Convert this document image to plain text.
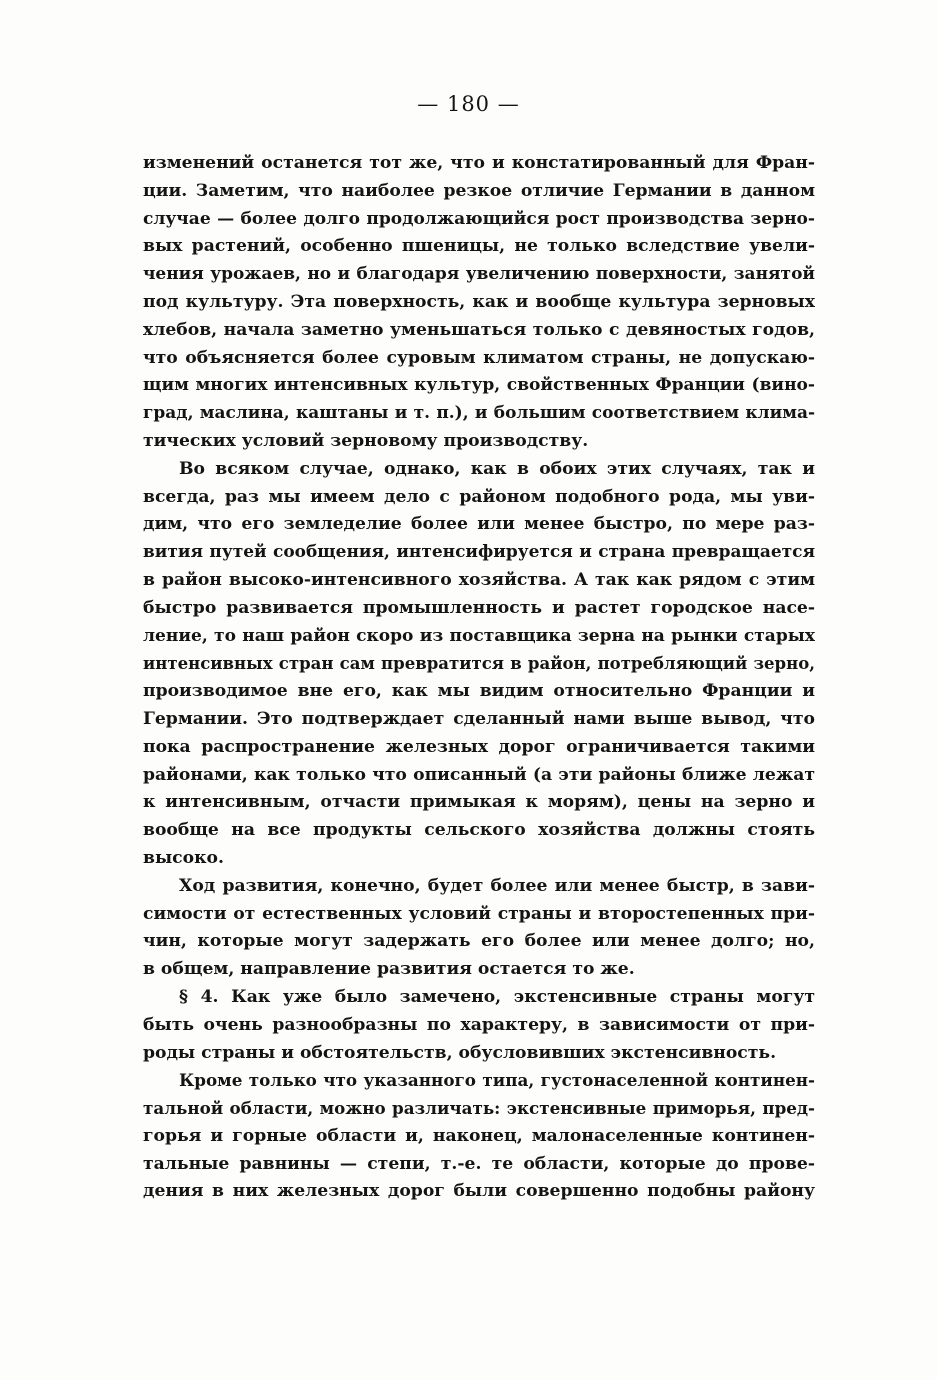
— 180 —
изменений останется тот же, что и констатированный для Фран-
ции. Заметим, что наиболее резкое отличие Германии в данном
случае — более долго продолжающийся рост производства зерно-
вых растений, особенно пшеницы, не только вследствие увели-
чения урожаев, но и благодаря увеличению поверхности, занятой
под культуру. Эта поверхность, как и вообще культура зерновых
хлебов, начала заметно уменьшаться только с девяностых годов,
что объясняется более суровым климатом страны, не допускаю-
щим многих интенсивных культур, свойственных Франции (вино-
град, маслина, каштаны и т. п.), и большим соответствием клима-
тических условий зерновому производству.
Во всяком случае, однако, как в обоих этих случаях, так и
всегда, раз мы имеем дело с районом подобного рода, мы уви-
дим, что его земледелие более или менее быстро, по мере раз-
вития путей сообщения, интенсифируется и страна превращается
в район высоко-интенсивного хозяйства. А так как рядом с этим
быстро развивается промышленность и растет городское насе-
ление, то наш район скоро из поставщика зерна на рынки старых
интенсивных стран сам превратится в район, потребляющий зерно,
производимое вне его, как мы видим относительно Франции и
Германии. Это подтверждает сделанный нами выше вывод, что
пока распространение железных дорог ограничивается такими
районами, как только что описанный (а эти районы ближе лежат
к интенсивным, отчасти примыкая к морям), цены на зерно и
вообще на все продукты сельского хозяйства должны стоять
высоко.
Ход развития, конечно, будет более или менее быстр, в зави-
симости от естественных условий страны и второстепенных при-
чин, которые могут задержать его более или менее долго; но,
в общем, направление развития остается то же.
§ 4. Как уже было замечено, экстенсивные страны могут
быть очень разнообразны по характеру, в зависимости от при-
роды страны и обстоятельств, обусловивших экстенсивность.
Кроме только что указанного типа, густонаселенной континен-
тальной области, можно различать: экстенсивные приморья, пред-
горья и горные области и, наконец, малонаселенные континен-
тальные равнины — степи, т.-е. те области, которые до прове-
дения в них железных дорог были совершенно подобны району
